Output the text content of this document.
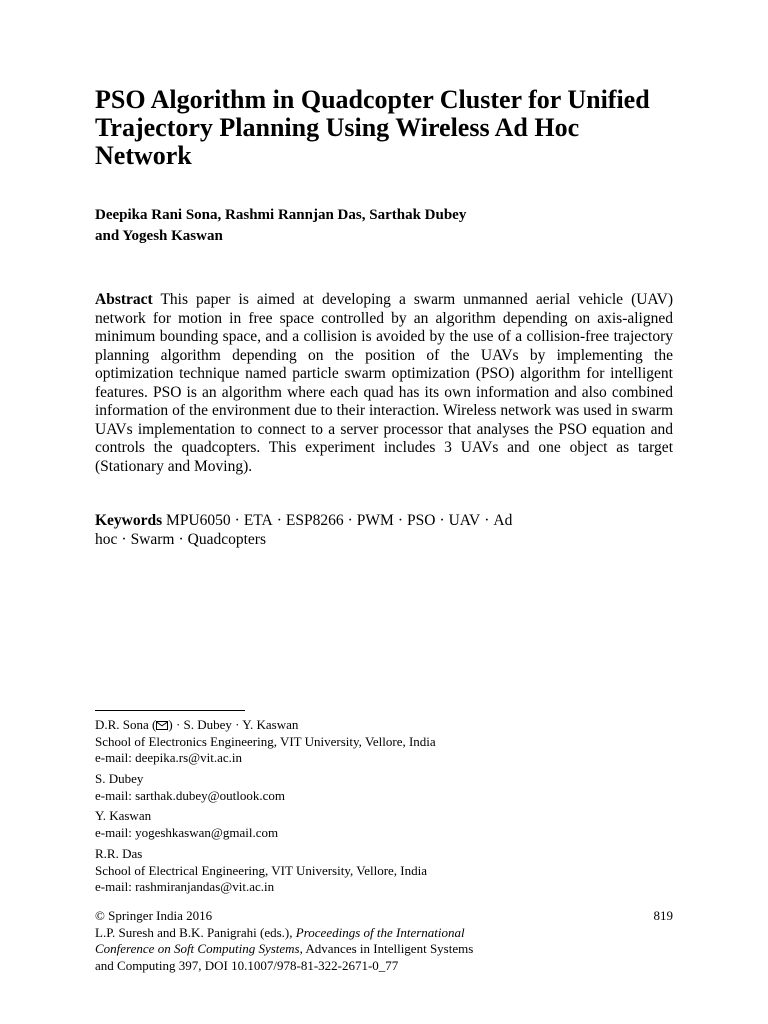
PSO Algorithm in Quadcopter Cluster for Unified Trajectory Planning Using Wireless Ad Hoc Network
Deepika Rani Sona, Rashmi Rannjan Das, Sarthak Dubey
and Yogesh Kaswan

Abstract This paper is aimed at developing a swarm unmanned aerial vehicle (UAV) network for motion in free space controlled by an algorithm depending on axis-aligned minimum bounding space, and a collision is avoided by the use of a collision-free trajectory planning algorithm depending on the position of the UAVs by implementing the optimization technique named particle swarm optimization (PSO) algorithm for intelligent features. PSO is an algorithm where each quad has its own information and also combined information of the environment due to their interaction. Wireless network was used in swarm UAVs implementation to connect to a server processor that analyses the PSO equation and controls the quadcopters. This experiment includes 3 UAVs and one object as target (Stationary and Moving).

Keywords MPU6050 · ETA · ESP8266 · PWM · PSO · UAV · Ad hoc · Swarm · Quadcopters

D.R. Sona ( ) · S. Dubey · Y. Kaswan

School of Electronics Engineering, VIT University, Vellore, India

e-mail: deepika.rs@vit.ac.in

S. Dubey

e-mail: sarthak.dubey@outlook.com

Y. Kaswan

e-mail: yogeshkaswan@gmail.com

R.R. Das

School of Electrical Engineering, VIT University, Vellore, India

e-mail: rashmiranjandas@vit.ac.in

819

© Springer India 2016

L.P. Suresh and B.K. Panigrahi (eds.), Proceedings of the International

Conference on Soft Computing Systems, Advances in Intelligent Systems

and Computing 397, DOI 10.1007/978-81-322-2671-0_77
